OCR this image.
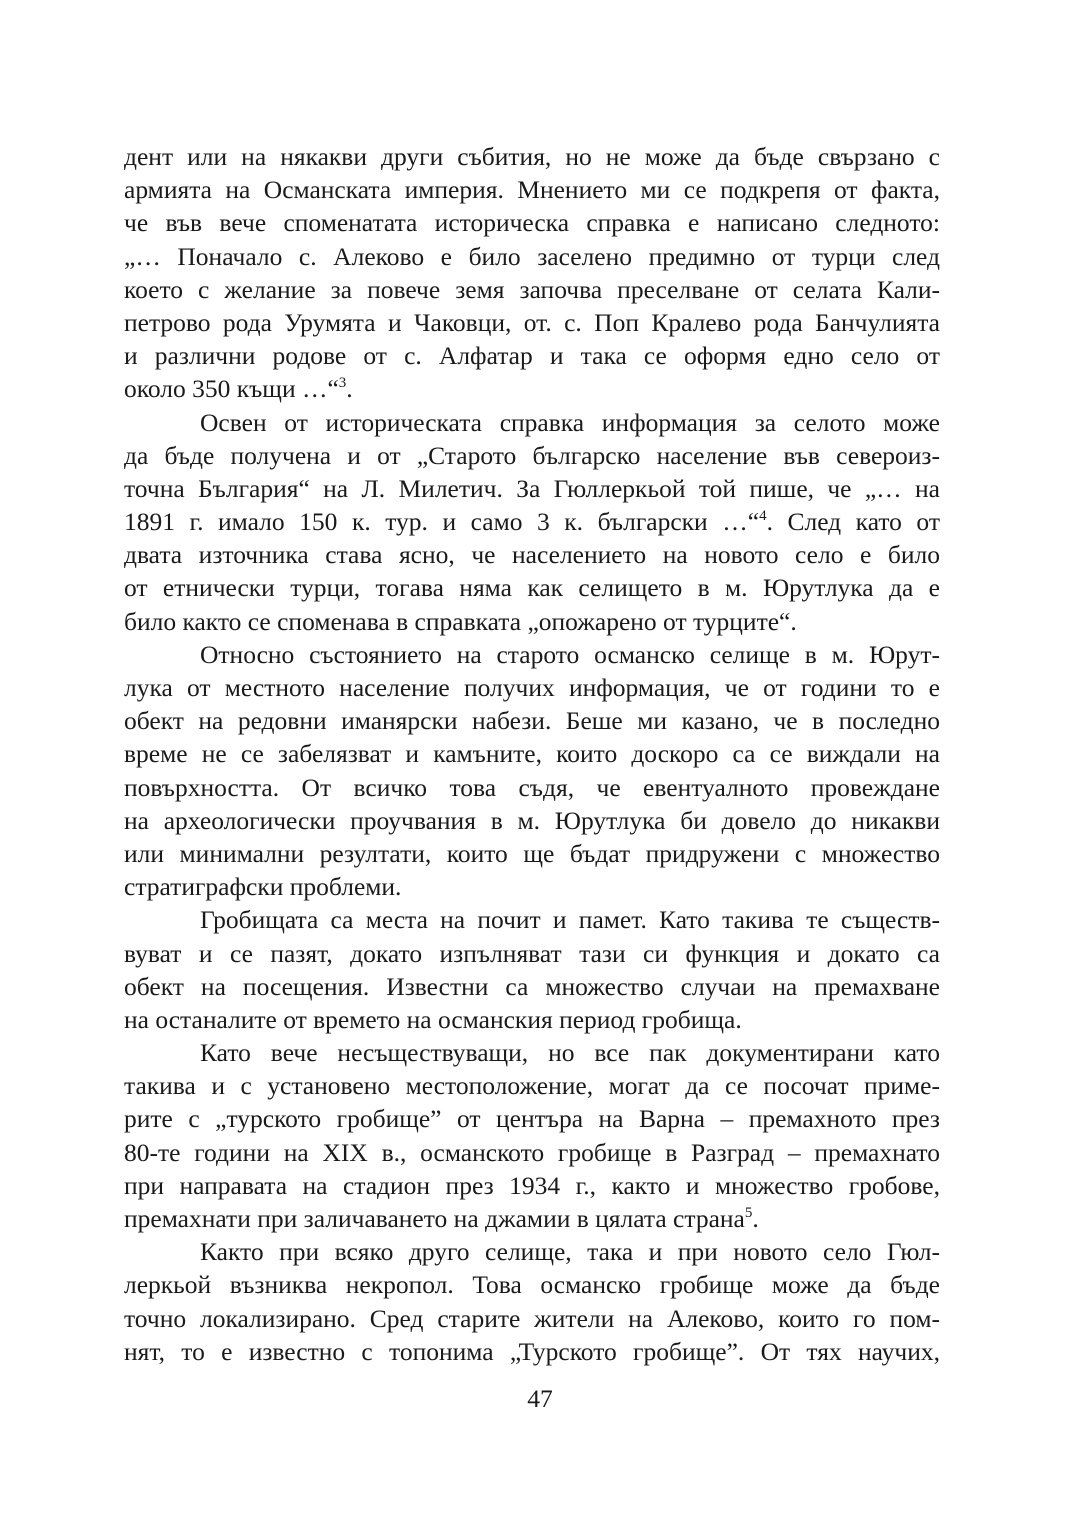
дент или на някакви други събития, но не може да бъде свързано с
армията на Османската империя. Мнението ми се подкрепя от факта,
че във вече споменатата историческа справка е написано следното:
„… Поначало с. Алеково е било заселено предимно от турци след
което с желание за повече земя започва преселване от селата Кали-
петрово рода Урумята и Чаковци, от. с. Поп Кралево рода Банчулията
и различни родове от с. Алфатар и така се оформя едно село от
около 350 къщи …“$^3$.
Освен от историческата справка информация за селото може
да бъде получена и от „Старото българско население във североиз-
точна България“ на Л. Милетич. За Гюллеркьой той пише, че „… на
1891 г. имало 150 к. тур. и само 3 к. български …“$^4$. След като от
двата източника става ясно, че населението на новото село е било
от етнически турци, тогава няма как селището в м. Юрутлука да е
било както се споменава в справката „опожарено от турците“.
Относно състоянието на старото османско селище в м. Юрут-
лука от местното население получих информация, че от години то е
обект на редовни иманярски набези. Беше ми казано, че в последно
време не се забелязват и камъните, които доскоро са се виждали на
повърхността. От всичко това съдя, че евентуалното провеждане
на археологически проучвания в м. Юрутлука би довело до никакви
или минимални резултати, които ще бъдат придружени с множество
стратиграфски проблеми.
Гробищата са места на почит и памет. Като такива те съществ-
вуват и се пазят, докато изпълняват тази си функция и докато са
обект на посещения. Известни са множество случаи на премахване
на останалите от времето на османския период гробища.
Като вече несъществуващи, но все пак документирани като
такива и с установено местоположение, могат да се посочат приме-
рите с „турското гробище” от центъра на Варна – премахнoто през
80-те години на XIX в., османското гробище в Разград – премахнато
при направата на стадион през 1934 г., както и множество гробове,
премахнати при заличаването на джамии в цялата страна$^5$.
Както при всяко друго селище, така и при новото село Гюл-
леркьой възниква некропол. Това османско гробище може да бъде
точно локализирано. Сред старите жители на Алеково, които го пом-
нят, то е известно с топонима „Турското гробище”. От тях научих,
47
